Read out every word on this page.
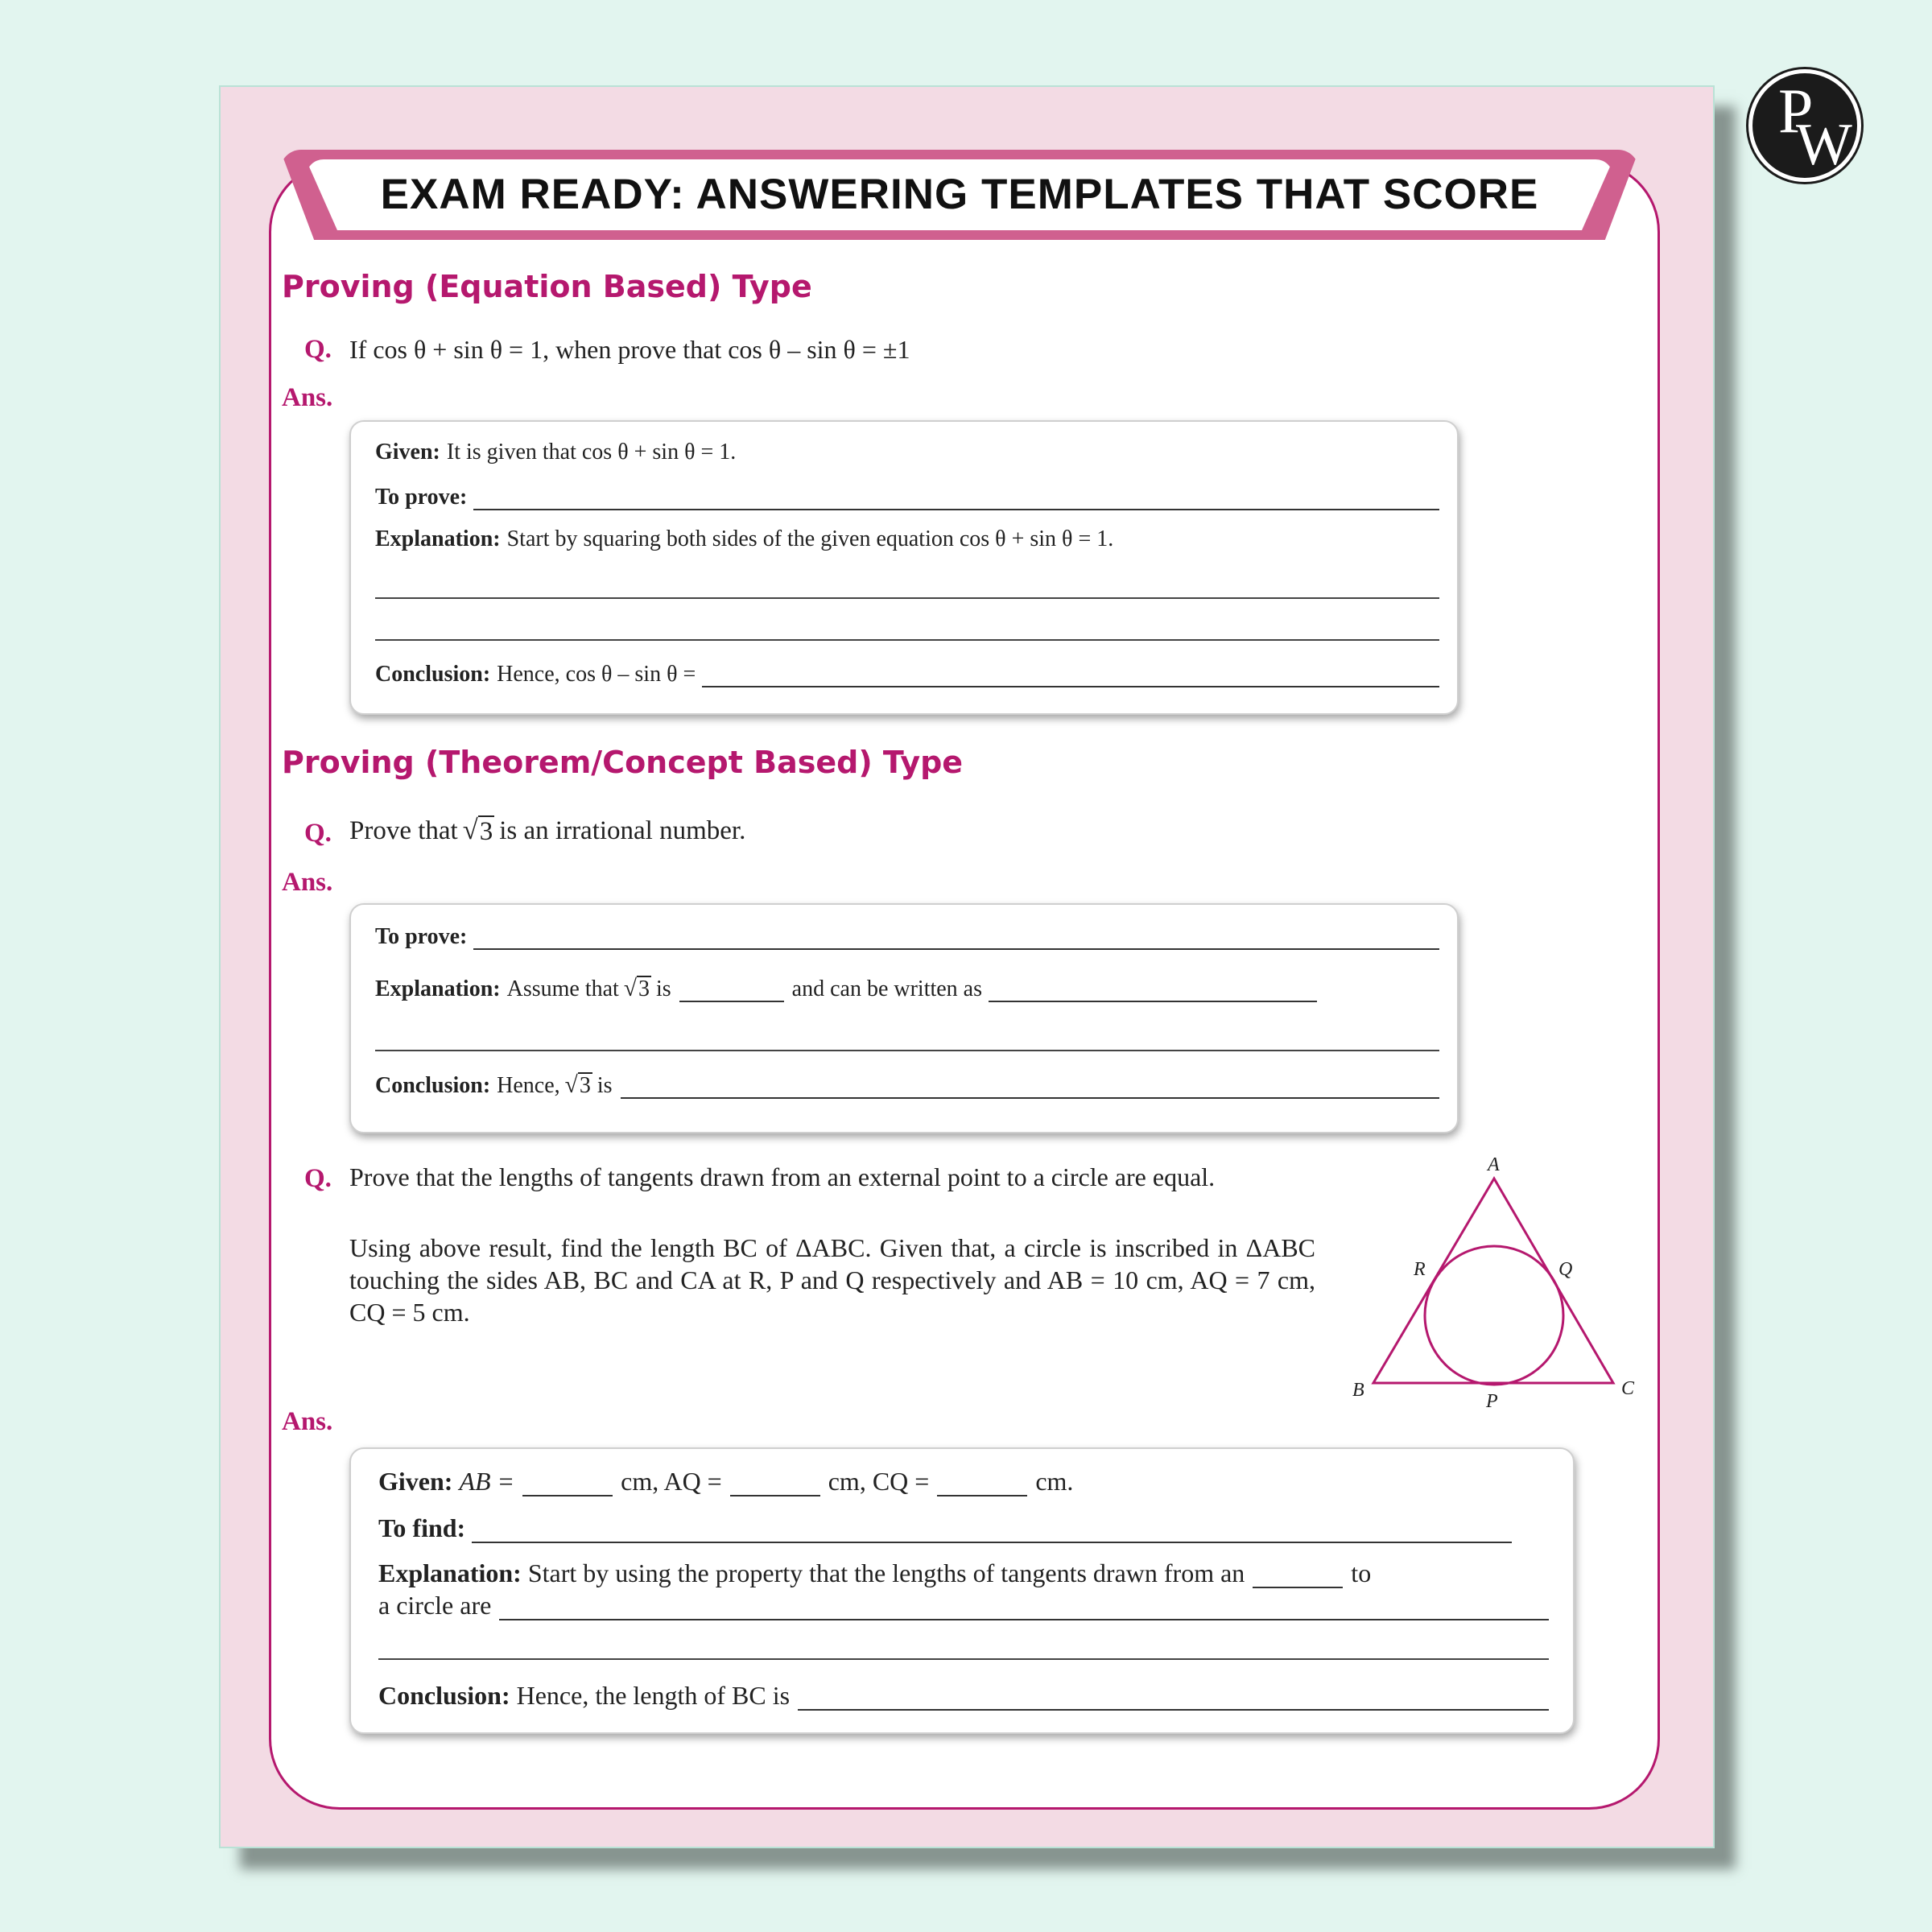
P
W
EXAM READY: ANSWERING TEMPLATES THAT SCORE
Proving (Equation Based) Type
Q. If cos θ + sin θ = 1, when prove that cos θ – sin θ = ±1
Ans.
Given: It is given that cos θ + sin θ = 1.
To prove:
Explanation: Start by squaring both sides of the given equation cos θ + sin θ = 1.
Conclusion: Hence, cos θ – sin θ =
Proving (Theorem/Concept Based) Type
Q. Prove that √ 3 is an irrational number.
Ans.
To prove:
Explanation: Assume that √ 3 is	and can be written as
Conclusion: Hence, √ 3 is
Q. Prove that the lengths of tangents drawn from an external point to a circle are equal.
Using above result, find the length BC of ΔABC. Given that, a circle is inscribed in ΔABC touching the sides AB, BC and CA at R, P and Q respectively and AB = 10 cm, AQ = 7 cm, CQ = 5 cm.
A
B	C
R
P
Q
Ans.
Given: AB =	cm, AQ =	cm, CQ =	cm.
To find:
Explanation: Start by using the property that the lengths of tangents drawn from an	to
a circle are
Conclusion: Hence, the length of BC is
